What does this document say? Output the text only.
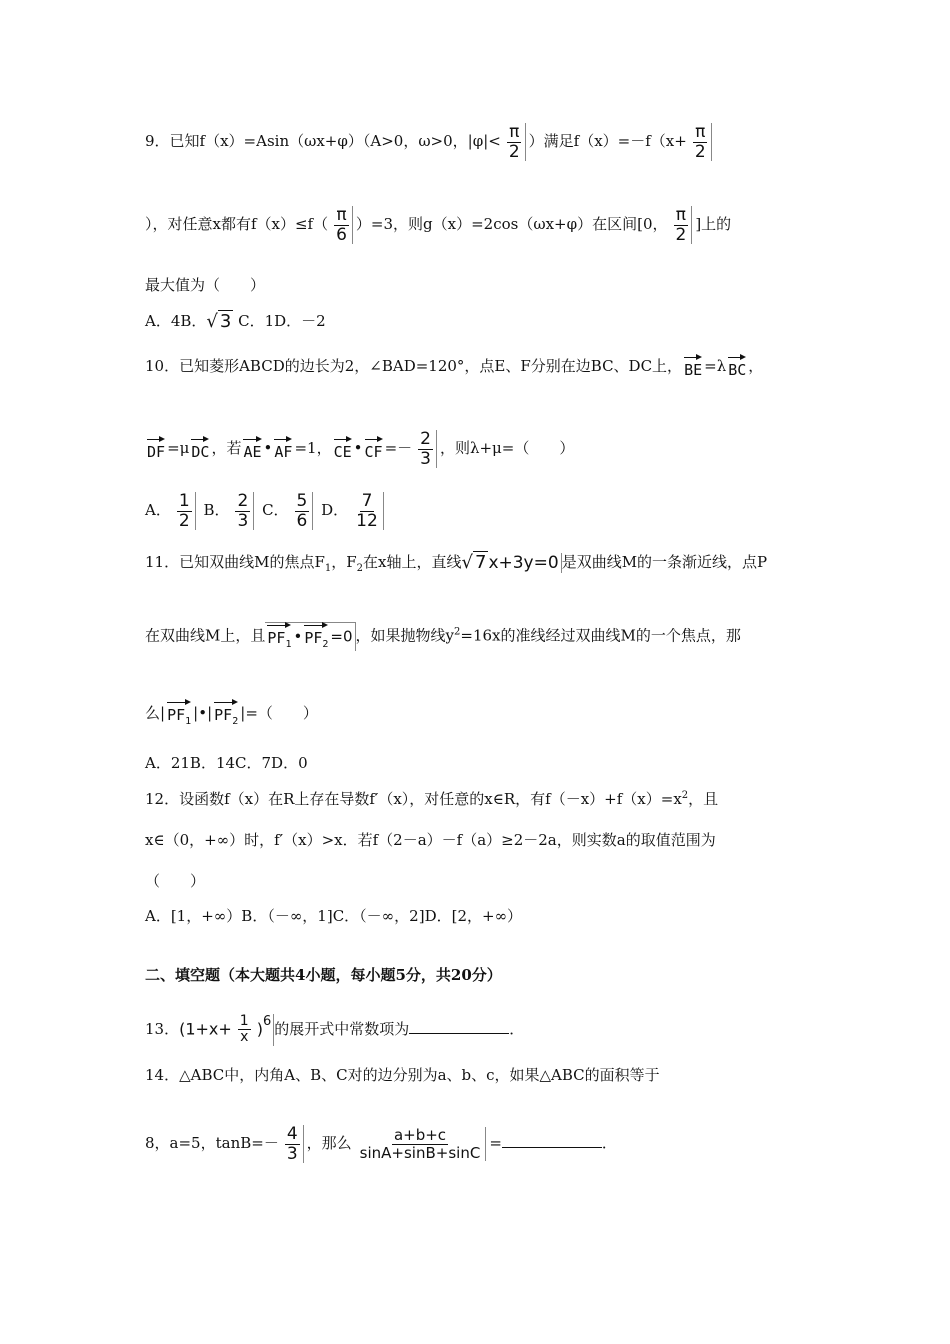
9．已知f（x）=Asin（ωx+φ）（A>0，ω>0，$|\varphi|< \frac{\pi}{2}$ ）满足$f(x)=-f(x+ \frac{\pi}{2}$
），对任意x都有$f(x)\le f( \frac{\pi}{6} )=3$，则g（x）=2cos（ωx+φ）在区间[0， $\frac{\pi}{2}$ ]上的
最大值为（　　）
A．4B．√ 3 C．1D．－2
10．已知菱形ABCD的边长为2，∠BAD=120°，点E、F分别在边BC、DC上， BE =λ BC ，
DF =μ DC ，若 AE • AF =1， CE • CF =－ $\frac{2}{3}$ ，则λ+μ=（　　）
A． $\frac{1}{2}$ B． $\frac{2}{3}$ C． $\frac{5}{6}$ D． $\frac{7}{12}$
11．已知双曲线M的焦点$F_1$，$F_2$在x轴上，直线√ 7 x+3y=0 是双曲线M的一条渐近线，点P
在双曲线M上，且 $PF_1$ • $PF_2 =0$ ，如果抛物线$y^2=16x$的准线经过双曲线M的一个焦点，那
么| $PF_1$ |•| $PF_2$ |=（　　）
A．21B．14C．7D．0
12．设函数f（x）在R上存在导数f′（x），对任意的x∈R，有$f(-x)+f(x)=x^2$，且
x∈（0，+∞）时，f′（x）>x．若f（2－a）－f（a）≥2－2a，则实数a的取值范围为
（　　）
A．[1，+∞）B．（－∞，1]C．（－∞，2]D．[2，+∞）
二、填空题（本大题共4小题，每小题5分，共20分）
13．$(1+x+ \frac{1}{x} )^6$ 的展开式中常数项为	．
14．△ABC中，内角A、B、C对的边分别为a、b、c，如果△ABC的面积等于
8，a=5，$\tan B=- \frac{4}{3}$ ，那么 $\frac{a+b+c}{\sin A+\sin B+\sin C}$ =	．
